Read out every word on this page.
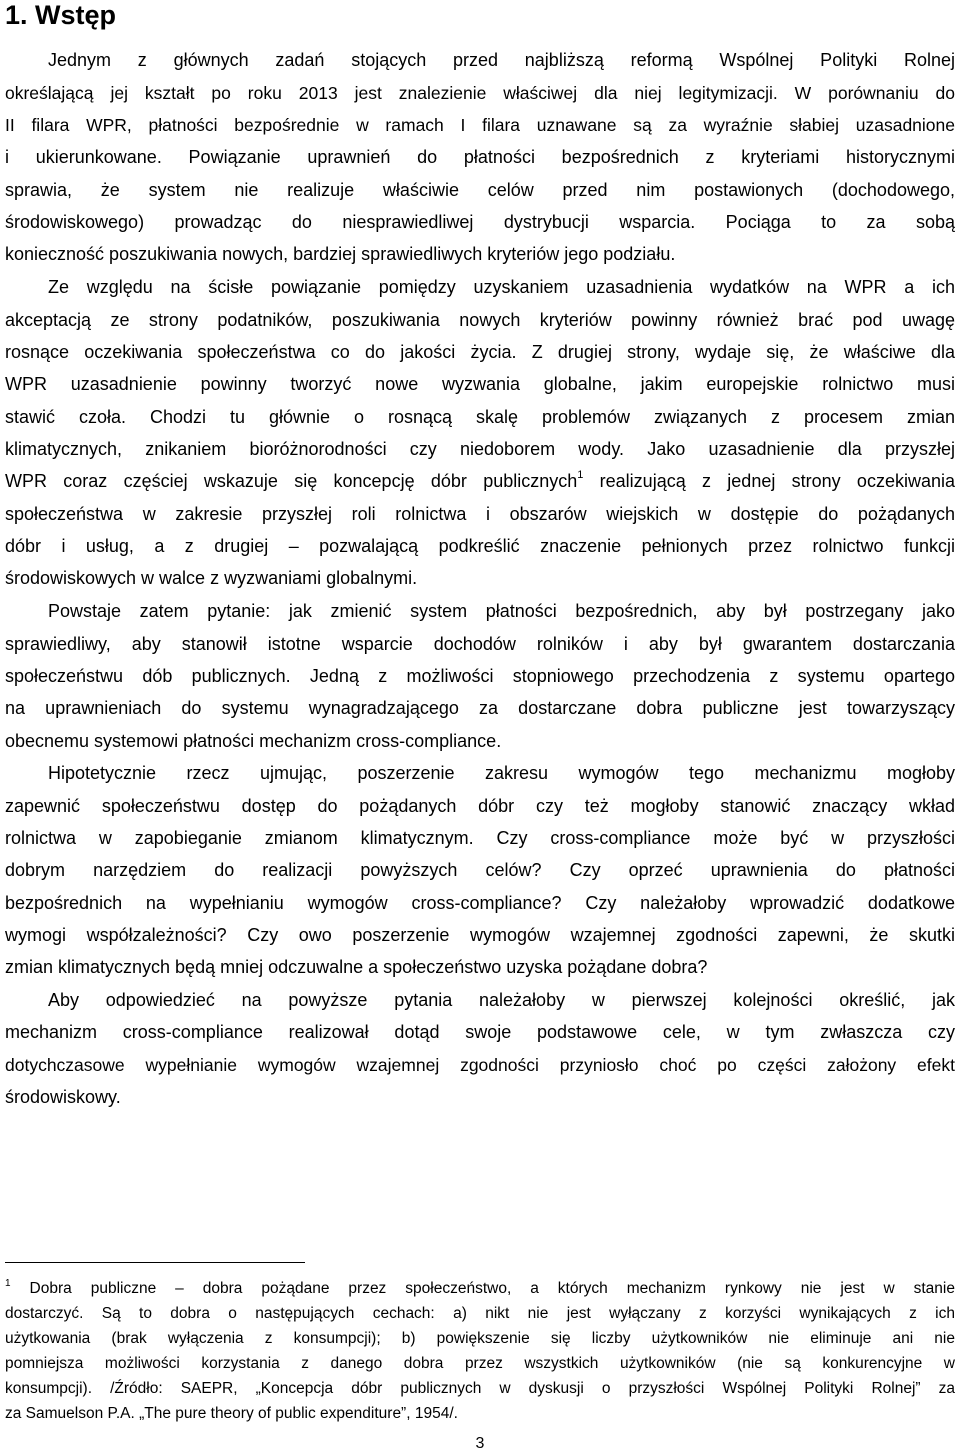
1. Wstęp
Jednym z głównych zadań stojących przed najbliższą reformą Wspólnej Polityki Rolnej
określającą jej kształt po roku 2013 jest znalezienie właściwej dla niej legitymizacji. W porównaniu do
II filara WPR, płatności bezpośrednie w ramach I filara uznawane są za wyraźnie słabiej uzasadnione
i ukierunkowane. Powiązanie uprawnień do płatności bezpośrednich z kryteriami historycznymi
sprawia, że system nie realizuje właściwie celów przed nim postawionych (dochodowego,
środowiskowego) prowadząc do niesprawiedliwej dystrybucji wsparcia. Pociąga to za sobą
konieczność poszukiwania nowych, bardziej sprawiedliwych kryteriów jego podziału.
Ze względu na ścisłe powiązanie pomiędzy uzyskaniem uzasadnienia wydatków na WPR a ich
akceptacją ze strony podatników, poszukiwania nowych kryteriów powinny również brać pod uwagę
rosnące oczekiwania społeczeństwa co do jakości życia. Z drugiej strony, wydaje się, że właściwe dla
WPR uzasadnienie powinny tworzyć nowe wyzwania globalne, jakim europejskie rolnictwo musi
stawić czoła. Chodzi tu głównie o rosnącą skalę problemów związanych z procesem zmian
klimatycznych, znikaniem bioróżnorodności czy niedoborem wody. Jako uzasadnienie dla przyszłej
WPR coraz częściej wskazuje się koncepcję dóbr publicznych$^1$ realizującą z jednej strony oczekiwania
społeczeństwa w zakresie przyszłej roli rolnictwa i obszarów wiejskich w dostępie do pożądanych
dóbr i usług, a z drugiej – pozwalającą podkreślić znaczenie pełnionych przez rolnictwo funkcji
środowiskowych w walce z wyzwaniami globalnymi.
Powstaje zatem pytanie: jak zmienić system płatności bezpośrednich, aby był postrzegany jako
sprawiedliwy, aby stanowił istotne wsparcie dochodów rolników i aby był gwarantem dostarczania
społeczeństwu dób publicznych. Jedną z możliwości stopniowego przechodzenia z systemu opartego
na uprawnieniach do systemu wynagradzającego za dostarczane dobra publiczne jest towarzyszący
obecnemu systemowi płatności mechanizm cross-compliance.
Hipotetycznie rzecz ujmując, poszerzenie zakresu wymogów tego mechanizmu mogłoby
zapewnić społeczeństwu dostęp do pożądanych dóbr czy też mogłoby stanowić znaczący wkład
rolnictwa w zapobieganie zmianom klimatycznym. Czy cross-compliance może być w przyszłości
dobrym narzędziem do realizacji powyższych celów? Czy oprzeć uprawnienia do płatności
bezpośrednich na wypełnianiu wymogów cross-compliance? Czy należałoby wprowadzić dodatkowe
wymogi współzależności? Czy owo poszerzenie wymogów wzajemnej zgodności zapewni, że skutki
zmian klimatycznych będą mniej odczuwalne a społeczeństwo uzyska pożądane dobra?
Aby odpowiedzieć na powyższe pytania należałoby w pierwszej kolejności określić, jak
mechanizm cross-compliance realizował dotąd swoje podstawowe cele, w tym zwłaszcza czy
dotychczasowe wypełnianie wymogów wzajemnej zgodności przyniosło choć po części założony efekt
środowiskowy.
$^1$ Dobra publiczne – dobra pożądane przez społeczeństwo, a których mechanizm rynkowy nie jest w stanie
dostarczyć. Są to dobra o następujących cechach: a) nikt nie jest wyłączany z korzyści wynikających z ich
użytkowania (brak wyłączenia z konsumpcji); b) powiększenie się liczby użytkowników nie eliminuje ani nie
pomniejsza możliwości korzystania z danego dobra przez wszystkich użytkowników (nie są konkurencyjne w
konsumpcji). /Źródło: SAEPR, „Koncepcja dóbr publicznych w dyskusji o przyszłości Wspólnej Polityki Rolnej” za
za Samuelson P.A. „The pure theory of public expenditure”, 1954/.
3
